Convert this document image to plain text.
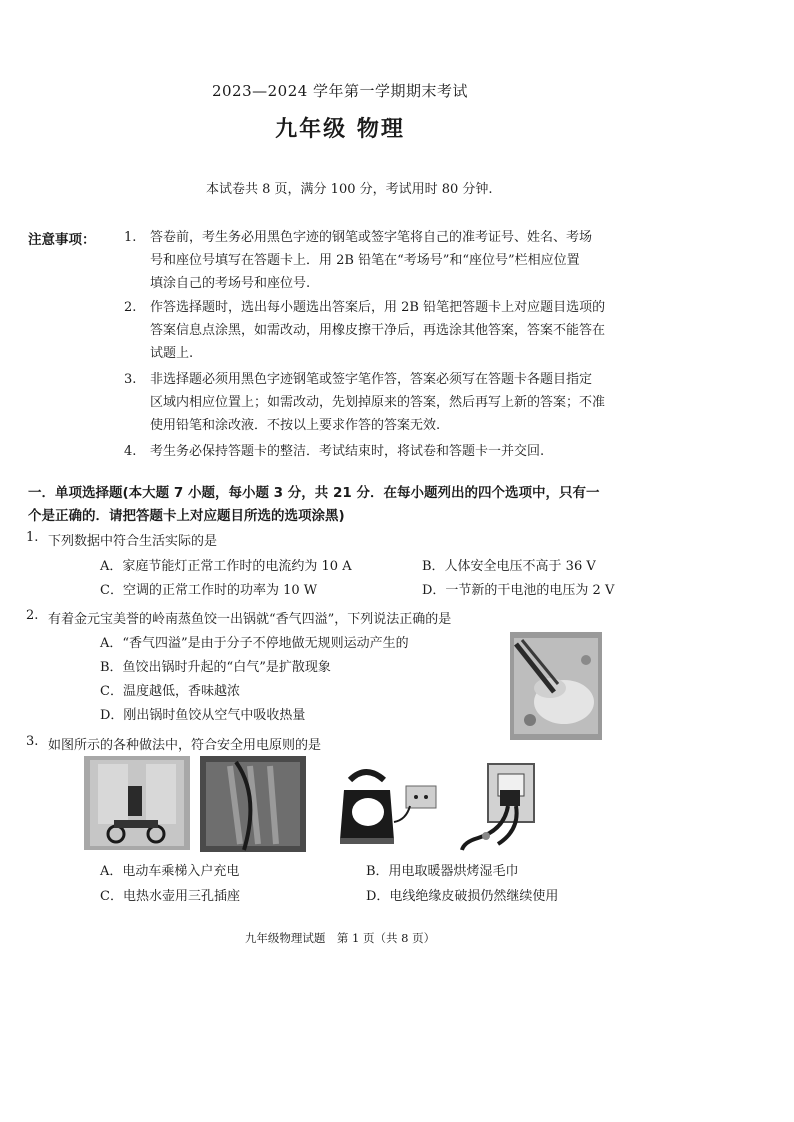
2023—2024 学年第一学期期末考试
九年级 物理
本试卷共 8 页，满分 100 分，考试用时 80 分钟.
注意事项： 1. 答卷前，考生务必用黑色字迹的钢笔或签字笔将自己的准考证号、姓名、考场
号和座位号填写在答题卡上．用 2B 铅笔在“考场号”和“座位号”栏相应位置
填涂自己的考场号和座位号.
2. 作答选择题时，选出每小题选出答案后，用 2B 铅笔把答题卡上对应题目选项的
答案信息点涂黑，如需改动，用橡皮擦干净后，再选涂其他答案，答案不能答在
试题上.
3. 非选择题必须用黑色字迹钢笔或签字笔作答，答案必须写在答题卡各题目指定
区域内相应位置上；如需改动，先划掉原来的答案，然后再写上新的答案；不准
使用铅笔和涂改液．不按以上要求作答的答案无效.
4. 考生务必保持答题卡的整洁．考试结束时，将试卷和答题卡一并交回.
一．单项选择题(本大题 7 小题，每小题 3 分，共 21 分．在每小题列出的四个选项中，只有一
个是正确的．请把答题卡上对应题目所选的选项涂黑)
1. 下列数据中符合生活实际的是
A．家庭节能灯正常工作时的电流约为 10 A	B．人体安全电压不高于 36 V
C．空调的正常工作时的功率为 10 W	D．一节新的干电池的电压为 2 V
2. 有着金元宝美誉的岭南蒸鱼饺一出锅就“香气四溢”，下列说法正确的是
A．“香气四溢”是由于分子不停地做无规则运动产生的
B．鱼饺出锅时升起的“白气”是扩散现象
C．温度越低，香味越浓
D．刚出锅时鱼饺从空气中吸收热量
3. 如图所示的各种做法中，符合安全用电原则的是
A．电动车乘梯入户充电	B．用电取暖器烘烤湿毛巾
C．电热水壶用三孔插座	D．电线绝缘皮破损仍然继续使用
九年级物理试题　第 1 页（共 8 页）
